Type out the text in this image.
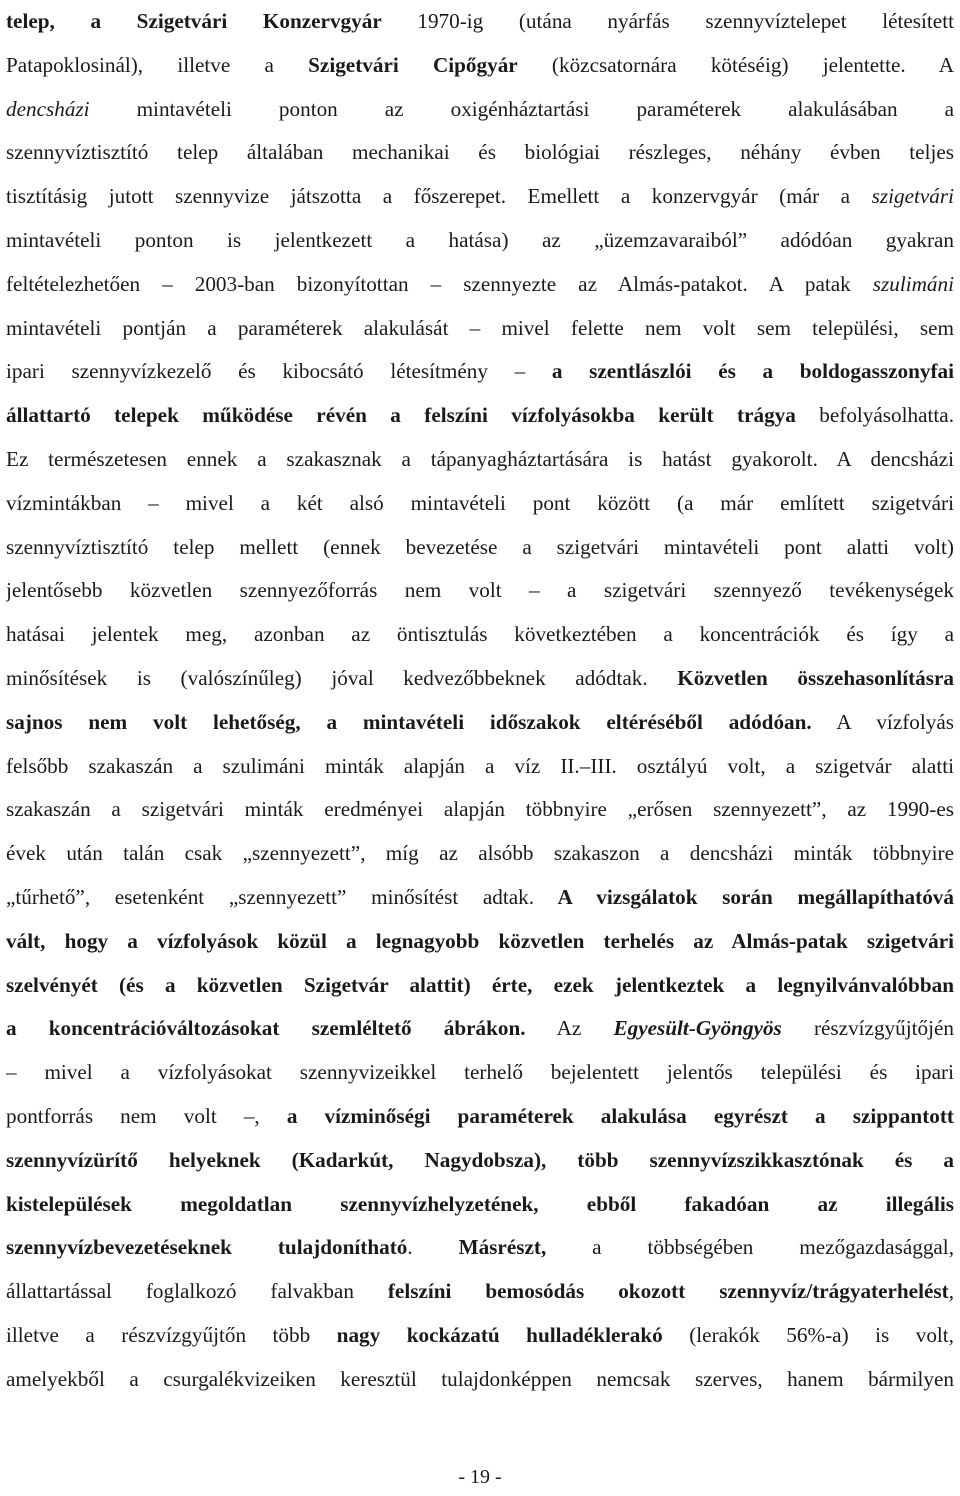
telep, a Szigetvári Konzervgyár 1970-ig (utána nyárfás szennyvíztelepet létesített
Patapoklosinál), illetve a Szigetvári Cipőgyár (közcsatornára kötéséig) jelentette. A
dencsházi mintavételi ponton az oxigénháztartási paraméterek alakulásában a
szennyvíztisztító telep általában mechanikai és biológiai részleges, néhány évben teljes
tisztításig jutott szennyvize játszotta a főszerepet. Emellett a konzervgyár (már a szigetvári
mintavételi ponton is jelentkezett a hatása) az „üzemzavaraiból” adódóan gyakran
feltételezhetően – 2003-ban bizonyítottan – szennyezte az Almás-patakot. A patak szulimáni
mintavételi pontján a paraméterek alakulását – mivel felette nem volt sem települési, sem
ipari szennyvízkezelő és kibocsátó létesítmény – a szentlászlói és a boldogasszonyfai
állattartó telepek működése révén a felszíni vízfolyásokba került trágya befolyásolhatta.
Ez természetesen ennek a szakasznak a tápanyagháztartására is hatást gyakorolt. A dencsházi
vízmintákban – mivel a két alsó mintavételi pont között (a már említett szigetvári
szennyvíztisztító telep mellett (ennek bevezetése a szigetvári mintavételi pont alatti volt)
jelentősebb közvetlen szennyezőforrás nem volt – a szigetvári szennyező tevékenységek
hatásai jelentek meg, azonban az öntisztulás következtében a koncentrációk és így a
minősítések is (valószínűleg) jóval kedvezőbbeknek adódtak. Közvetlen összehasonlításra
sajnos nem volt lehetőség, a mintavételi időszakok eltéréséből adódóan. A vízfolyás
felsőbb szakaszán a szulimáni minták alapján a víz II.–III. osztályú volt, a szigetvár alatti
szakaszán a szigetvári minták eredményei alapján többnyire „erősen szennyezett”, az 1990-es
évek után talán csak „szennyezett”, míg az alsóbb szakaszon a dencsházi minták többnyire
„tűrhető”, esetenként „szennyezett” minősítést adtak. A vizsgálatok során megállapíthatóvá
vált, hogy a vízfolyások közül a legnagyobb közvetlen terhelés az Almás-patak szigetvári
szelvényét (és a közvetlen Szigetvár alattit) érte, ezek jelentkeztek a legnyilvánvalóbban
a koncentrációváltozásokat szemléltető ábrákon. Az Egyesült-Gyöngyös részvízgyűjtőjén
– mivel a vízfolyásokat szennyvizeikkel terhelő bejelentett jelentős települési és ipari
pontforrás nem volt –, a vízminőségi paraméterek alakulása egyrészt a szippantott
szennyvízürítő helyeknek (Kadarkút, Nagydobsza), több szennyvízszikkasztónak és a
kistelepülések megoldatlan szennyvízhelyzetének, ebből fakadóan az illegális
szennyvízbevezetéseknek tulajdonítható. Másrészt, a többségében mezőgazdasággal,
állattartással foglalkozó falvakban felszíni bemosódás okozott szennyvíz/trágyaterhelést,
illetve a részvízgyűjtőn több nagy kockázatú hulladéklerakó (lerakók 56%-a) is volt,
amelyekből a csurgalékvizeiken keresztül tulajdonképpen nemcsak szerves, hanem bármilyen
- 19 -
